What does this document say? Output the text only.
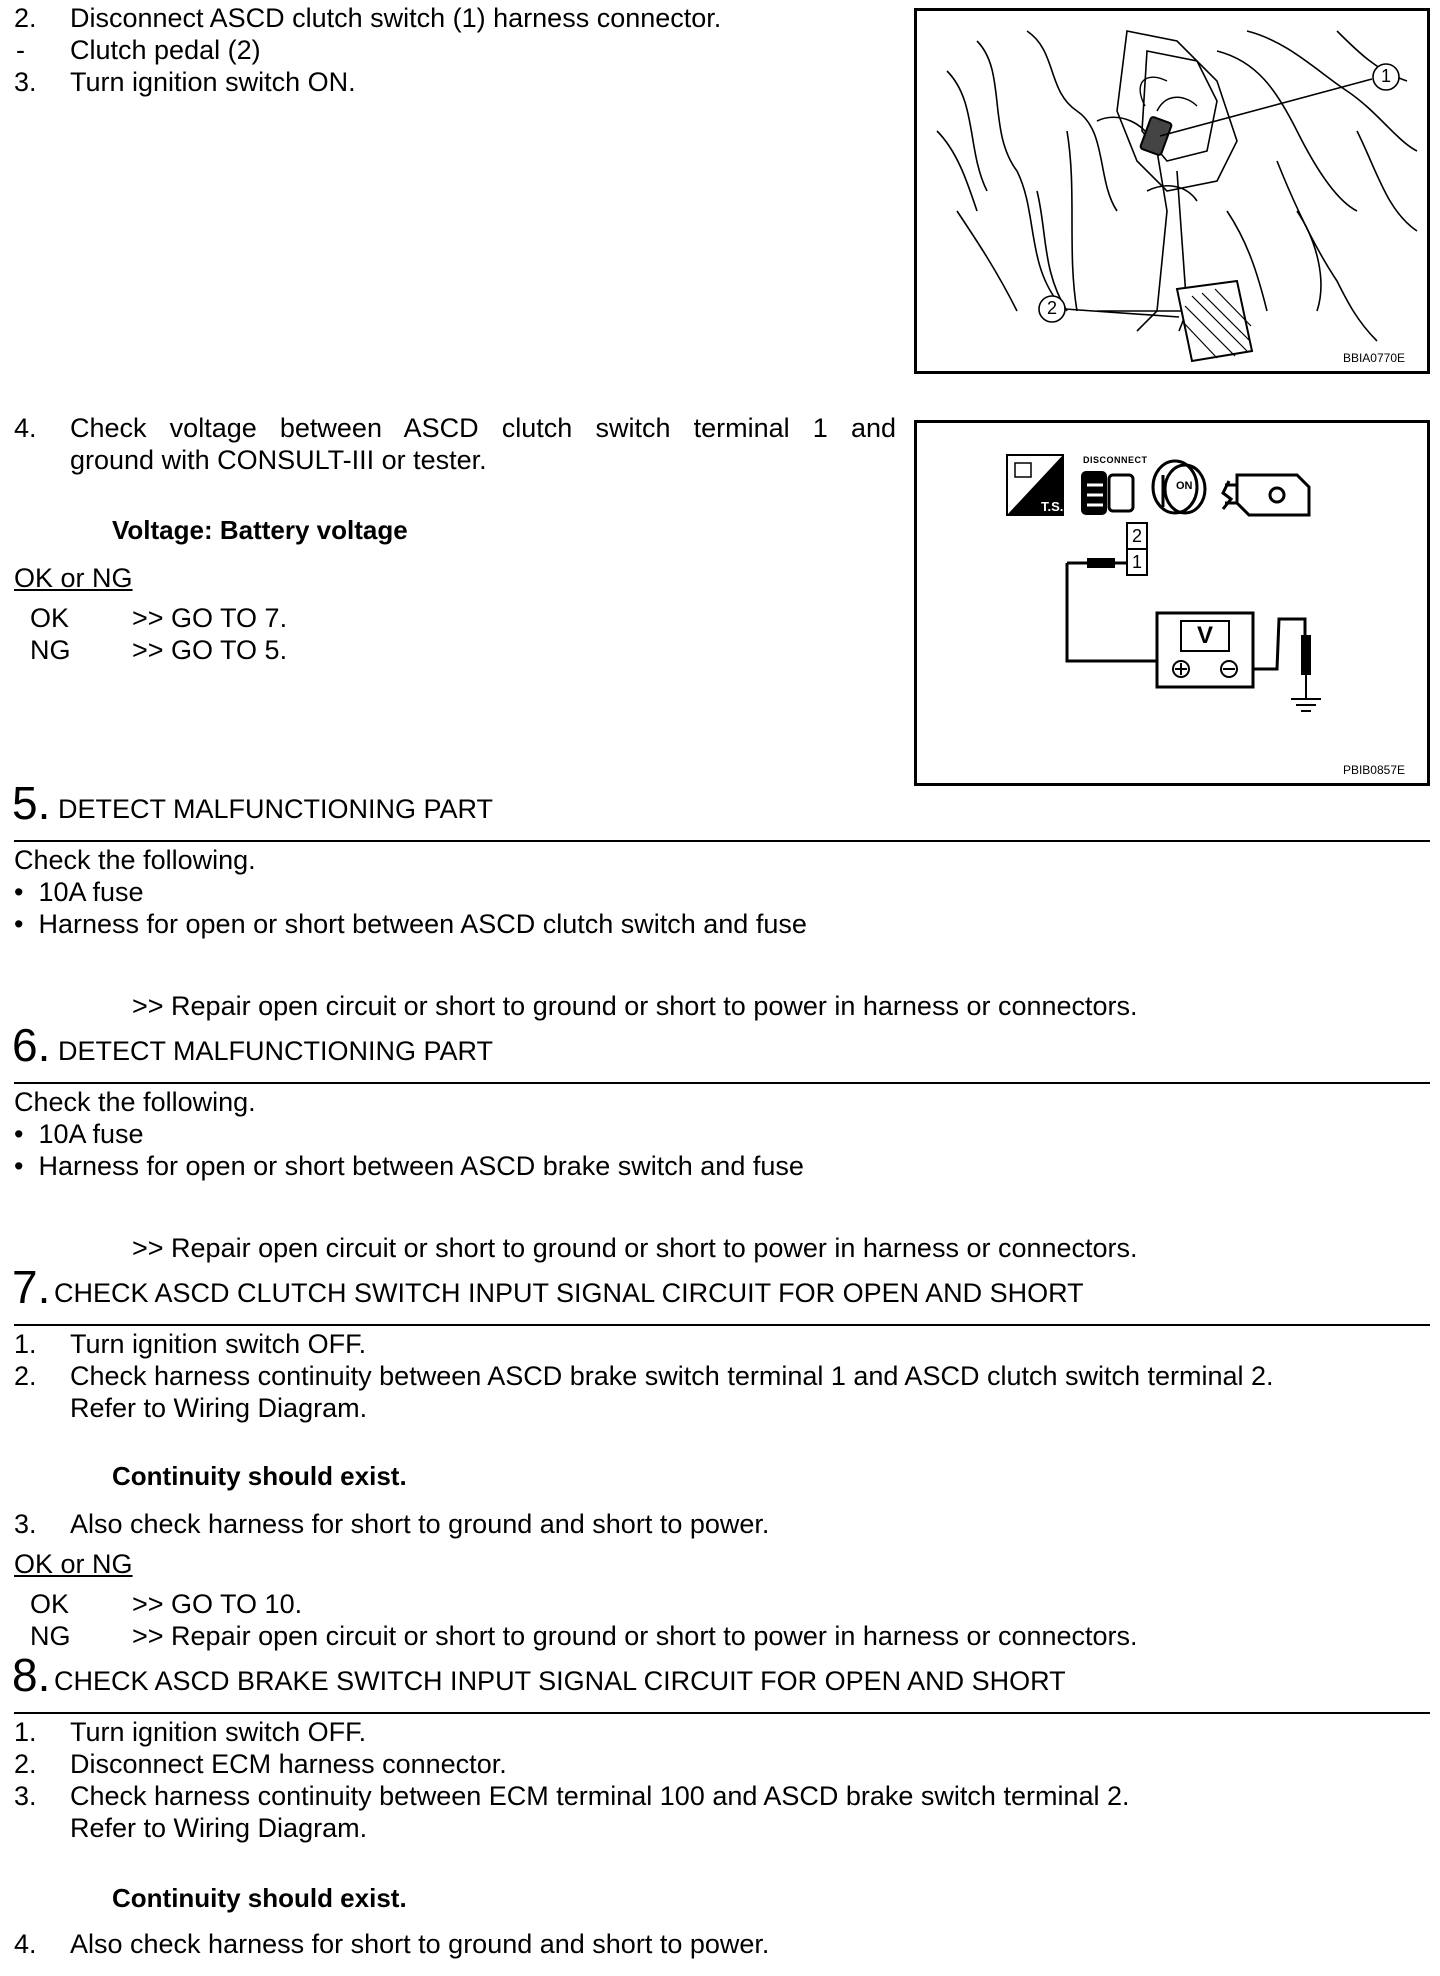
2. Disconnect ASCD clutch switch (1) harness connector.
- Clutch pedal (2)
3. Turn ignition switch ON.	1
2
BBIA0770E
4. Check voltage between ASCD clutch switch terminal 1 and
ground with CONSULT-III or tester.
Voltage: Battery voltage
OK or NG
OK >> GO TO 7.
NG >> GO TO 5.
DISCONNECT
T.S.
ON
2
1
V
PBIB0857E
5. DETECT MALFUNCTIONING PART
Check the following.
•  10A fuse
•  Harness for open or short between ASCD clutch switch and fuse
>> Repair open circuit or short to ground or short to power in harness or connectors.
6. DETECT MALFUNCTIONING PART
Check the following.
•  10A fuse
•  Harness for open or short between ASCD brake switch and fuse
>> Repair open circuit or short to ground or short to power in harness or connectors.
7. CHECK ASCD CLUTCH SWITCH INPUT SIGNAL CIRCUIT FOR OPEN AND SHORT
1. Turn ignition switch OFF.
2. Check harness continuity between ASCD brake switch terminal 1 and ASCD clutch switch terminal 2.
Refer to Wiring Diagram.
Continuity should exist.
3. Also check harness for short to ground and short to power.
OK or NG
OK >> GO TO 10.
NG >> Repair open circuit or short to ground or short to power in harness or connectors.
8. CHECK ASCD BRAKE SWITCH INPUT SIGNAL CIRCUIT FOR OPEN AND SHORT
1. Turn ignition switch OFF.
2. Disconnect ECM harness connector.
3. Check harness continuity between ECM terminal 100 and ASCD brake switch terminal 2.
Refer to Wiring Diagram.
Continuity should exist.
4. Also check harness for short to ground and short to power.
